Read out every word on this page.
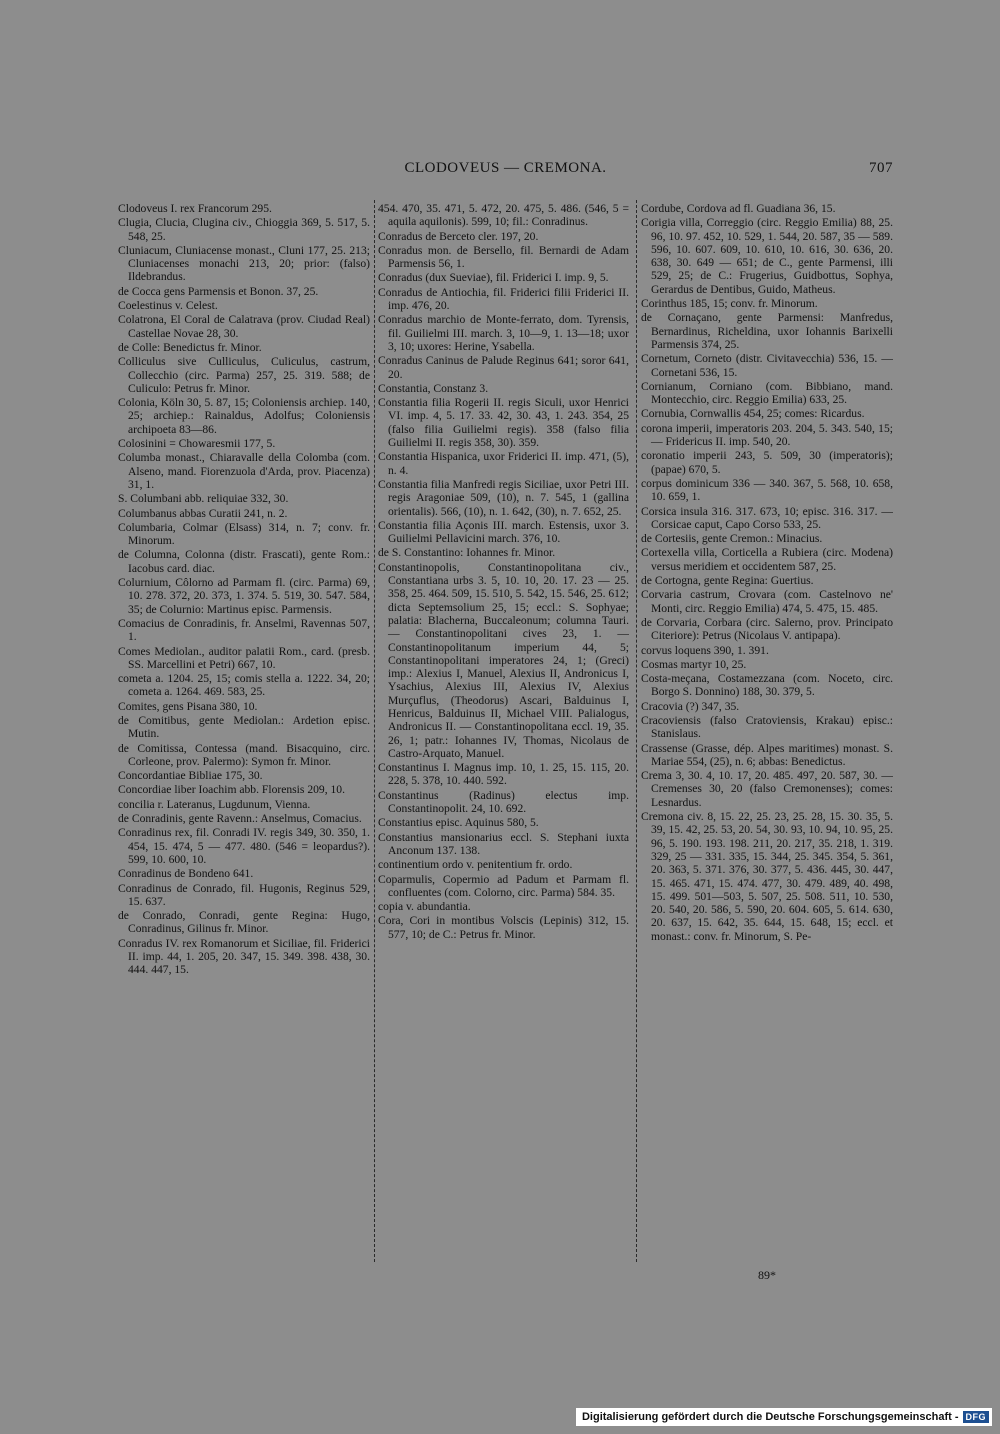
CLODOVEUS — CREMONA.	707

Clodoveus I. rex Francorum 295.

Clugia, Clucia, Clugina civ., Chioggia 369, 5. 517, 5. 548, 25.

Cluniacum, Cluniacense monast., Cluni 177, 25. 213; Cluniacenses monachi 213, 20; prior: (falso) Ildebrandus.

de Cocca gens Parmensis et Bonon. 37, 25.

Coelestinus v. Celest.

Colatrona, El Coral de Calatrava (prov. Ciudad Real) Castellae Novae 28, 30.

de Colle: Benedictus fr. Minor.

Colliculus sive Culliculus, Culiculus, castrum, Collecchio (circ. Parma) 257, 25. 319. 588; de Culiculo: Petrus fr. Minor.

Colonia, Köln 30, 5. 87, 15; Coloniensis archiep. 140, 25; archiep.: Rainaldus, Adolfus; Coloniensis archipoeta 83—86.

Colosinini = Chowaresmii 177, 5.

Columba monast., Chiaravalle della Colomba (com. Alseno, mand. Fiorenzuola d'Arda, prov. Piacenza) 31, 1.

S. Columbani abb. reliquiae 332, 30.

Columbanus abbas Curatii 241, n. 2.

Columbaria, Colmar (Elsass) 314, n. 7; conv. fr. Minorum.

de Columna, Colonna (distr. Frascati), gente Rom.: Iacobus card. diac.

Colurnium, Côlorno ad Parmam fl. (circ. Parma) 69, 10. 278. 372, 20. 373, 1. 374. 5. 519, 30. 547. 584, 35; de Colurnio: Martinus episc. Parmensis.

Comacius de Conradinis, fr. Anselmi, Ravennas 507, 1.

Comes Mediolan., auditor palatii Rom., card. (presb. SS. Marcellini et Petri) 667, 10.

cometa a. 1204. 25, 15; comis stella a. 1222. 34, 20; cometa a. 1264. 469. 583, 25.

Comites, gens Pisana 380, 10.

de Comitibus, gente Mediolan.: Ardetion episc. Mutin.

de Comitissa, Contessa (mand. Bisacquino, circ. Corleone, prov. Palermo): Symon fr. Minor.

Concordantiae Bibliae 175, 30.

Concordiae liber Ioachim abb. Florensis 209, 10.

concilia r. Lateranus, Lugdunum, Vienna.

de Conradinis, gente Ravenn.: Anselmus, Comacius.

Conradinus rex, fil. Conradi IV. regis 349, 30. 350, 1. 454, 15. 474, 5 — 477. 480. (546 = leopardus?). 599, 10. 600, 10.

Conradinus de Bondeno 641.

Conradinus de Conrado, fil. Hugonis, Reginus 529, 15. 637.

de Conrado, Conradi, gente Regina: Hugo, Conradinus, Gilinus fr. Minor.

Conradus IV. rex Romanorum et Siciliae, fil. Friderici II. imp. 44, 1. 205, 20. 347, 15. 349. 398. 438, 30. 444. 447, 15.

454. 470, 35. 471, 5. 472, 20. 475, 5. 486. (546, 5 = aquila aquilonis). 599, 10; fil.: Conradinus.

Conradus de Berceto cler. 197, 20.

Conradus mon. de Bersello, fil. Bernardi de Adam Parmensis 56, 1.

Conradus (dux Sueviae), fil. Friderici I. imp. 9, 5.

Conradus de Antiochia, fil. Friderici filii Friderici II. imp. 476, 20.

Conradus marchio de Monte-ferrato, dom. Tyrensis, fil. Guilielmi III. march. 3, 10—9, 1. 13—18; uxor 3, 10; uxores: Herine, Ysabella.

Conradus Caninus de Palude Reginus 641; soror 641, 20.

Constantia, Constanz 3.

Constantia filia Rogerii II. regis Siculi, uxor Henrici VI. imp. 4, 5. 17. 33. 42, 30. 43, 1. 243. 354, 25 (falso filia Guilielmi regis). 358 (falso filia Guilielmi II. regis 358, 30). 359.

Constantia Hispanica, uxor Friderici II. imp. 471, (5), n. 4.

Constantia filia Manfredi regis Siciliae, uxor Petri III. regis Aragoniae 509, (10), n. 7. 545, 1 (gallina orientalis). 566, (10), n. 1. 642, (30), n. 7. 652, 25.

Constantia filia Açonis III. march. Estensis, uxor 3. Guilielmi Pellavicini march. 376, 10.

de S. Constantino: Iohannes fr. Minor.

Constantinopolis, Constantinopolitana civ., Constantiana urbs 3. 5, 10. 10, 20. 17. 23 — 25. 358, 25. 464. 509, 15. 510, 5. 542, 15. 546, 25. 612; dicta Septemsolium 25, 15; eccl.: S. Sophyae; palatia: Blacherna, Buccaleonum; columna Tauri. — Constantinopolitani cives 23, 1. — Constantinopolitanum imperium 44, 5; Constantinopolitani imperatores 24, 1; (Greci) imp.: Alexius I, Manuel, Alexius II, Andronicus I, Ysachius, Alexius III, Alexius IV, Alexius Murçuflus, (Theodorus) Ascari, Balduinus I, Henricus, Balduinus II, Michael VIII. Palialogus, Andronicus II. — Constantinopolitana eccl. 19, 35. 26, 1; patr.: Iohannes IV, Thomas, Nicolaus de Castro-Arquato, Manuel.

Constantinus I. Magnus imp. 10, 1. 25, 15. 115, 20. 228, 5. 378, 10. 440. 592.

Constantinus (Radinus) electus imp. Constantinopolit. 24, 10. 692.

Constantius episc. Aquinus 580, 5.

Constantius mansionarius eccl. S. Stephani iuxta Anconum 137. 138.

continentium ordo v. penitentium fr. ordo.

Coparmulis, Copermio ad Padum et Parmam fl. confluentes (com. Colorno, circ. Parma) 584. 35.

copia v. abundantia.

Cora, Cori in montibus Volscis (Lepinis) 312, 15. 577, 10; de C.: Petrus fr. Minor.

Cordube, Cordova ad fl. Guadiana 36, 15.

Corigia villa, Correggio (circ. Reggio Emilia) 88, 25. 96, 10. 97. 452, 10. 529, 1. 544, 20. 587, 35 — 589. 596, 10. 607. 609, 10. 610, 10. 616, 30. 636, 20. 638, 30. 649 — 651; de C., gente Parmensi, illi 529, 25; de C.: Frugerius, Guidbottus, Sophya, Gerardus de Dentibus, Guido, Matheus.

Corinthus 185, 15; conv. fr. Minorum.

de Cornaçano, gente Parmensi: Manfredus, Bernardinus, Richeldina, uxor Iohannis Barixelli Parmensis 374, 25.

Cornetum, Corneto (distr. Civitavecchia) 536, 15. — Cornetani 536, 15.

Cornianum, Corniano (com. Bibbiano, mand. Montecchio, circ. Reggio Emilia) 633, 25.

Cornubia, Cornwallis 454, 25; comes: Ricardus.

corona imperii, imperatoris 203. 204, 5. 343. 540, 15; — Fridericus II. imp. 540, 20.

coronatio imperii 243, 5. 509, 30 (imperatoris); (papae) 670, 5.

corpus dominicum 336 — 340. 367, 5. 568, 10. 658, 10. 659, 1.

Corsica insula 316. 317. 673, 10; episc. 316. 317. — Corsicae caput, Capo Corso 533, 25.

de Cortesiis, gente Cremon.: Minacius.

Cortexella villa, Corticella a Rubiera (circ. Modena) versus meridiem et occidentem 587, 25.

de Cortogna, gente Regina: Guertius.

Corvaria castrum, Crovara (com. Castelnovo ne' Monti, circ. Reggio Emilia) 474, 5. 475, 15. 485.

de Corvaria, Corbara (circ. Salerno, prov. Principato Citeriore): Petrus (Nicolaus V. antipapa).

corvus loquens 390, 1. 391.

Cosmas martyr 10, 25.

Costa-meçana, Costamezzana (com. Noceto, circ. Borgo S. Donnino) 188, 30. 379, 5.

Cracovia (?) 347, 35.

Cracoviensis (falso Cratoviensis, Krakau) episc.: Stanislaus.

Crassense (Grasse, dép. Alpes maritimes) monast. S. Mariae 554, (25), n. 6; abbas: Benedictus.

Crema 3, 30. 4, 10. 17, 20. 485. 497, 20. 587, 30. — Cremenses 30, 20 (falso Cremonenses); comes: Lesnardus.

Cremona civ. 8, 15. 22, 25. 23, 25. 28, 15. 30. 35, 5. 39, 15. 42, 25. 53, 20. 54, 30. 93, 10. 94, 10. 95, 25. 96, 5. 190. 193. 198. 211, 20. 217, 35. 218, 1. 319. 329, 25 — 331. 335, 15. 344, 25. 345. 354, 5. 361, 20. 363, 5. 371. 376, 30. 377, 5. 436. 445, 30. 447, 15. 465. 471, 15. 474. 477, 30. 479. 489, 40. 498, 15. 499. 501—503, 5. 507, 25. 508. 511, 10. 530, 20. 540, 20. 586, 5. 590, 20. 604. 605, 5. 614. 630, 20. 637, 15. 642, 35. 644, 15. 648, 15; eccl. et monast.: conv. fr. Minorum, S. Pe-

89*
Digitalisierung gefördert durch die Deutsche Forschungsgemeinschaft - DFG
